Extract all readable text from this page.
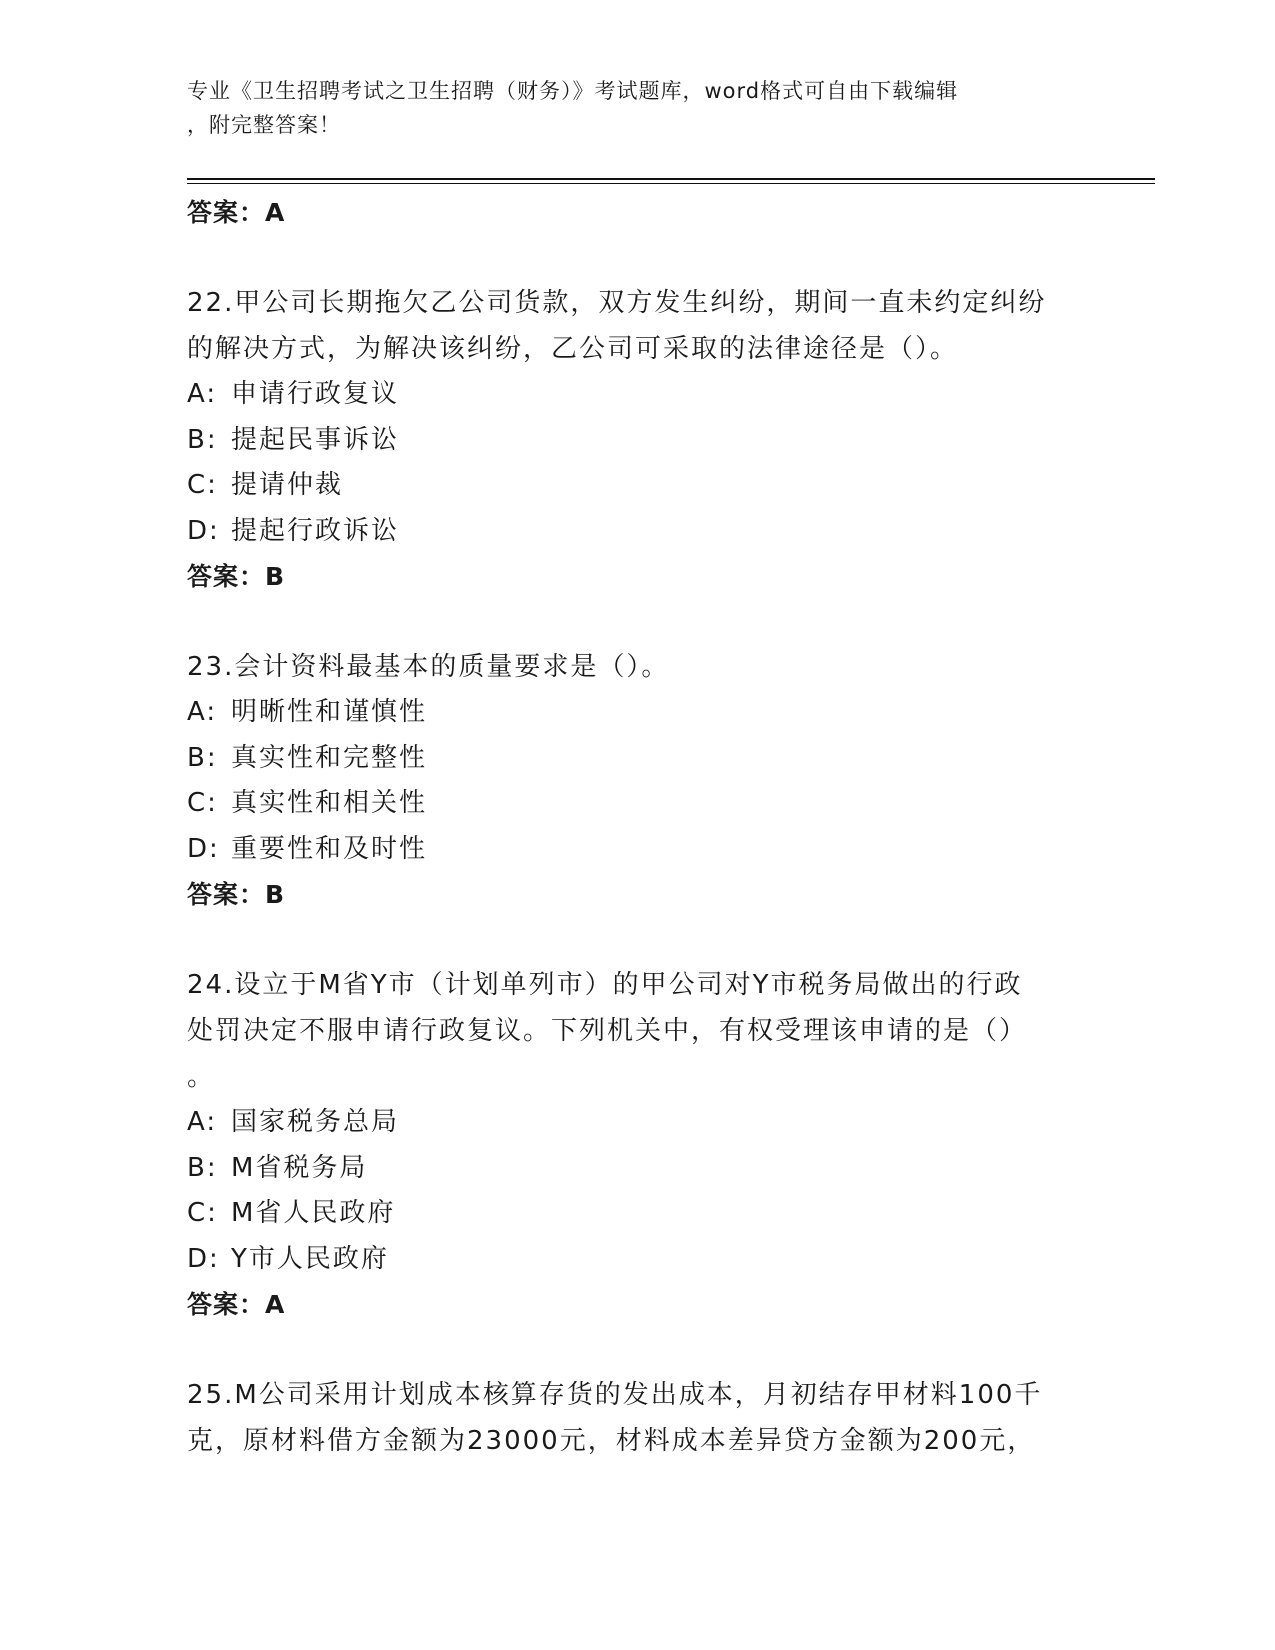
专业《卫生招聘考试之卫生招聘（财务）》考试题库，word格式可自由下载编辑
，附完整答案！
答案：A
22.甲公司长期拖欠乙公司货款，双方发生纠纷，期间一直未约定纠纷
的解决方式，为解决该纠纷，乙公司可采取的法律途径是（）。
A: 申请行政复议
B: 提起民事诉讼
C: 提请仲裁
D: 提起行政诉讼
答案：B
23.会计资料最基本的质量要求是（）。
A: 明晰性和谨慎性
B: 真实性和完整性
C: 真实性和相关性
D: 重要性和及时性
答案：B
24.设立于M省Y市（计划单列市）的甲公司对Y市税务局做出的行政
处罚决定不服申请行政复议。下列机关中，有权受理该申请的是（）
。
A: 国家税务总局
B: M省税务局
C: M省人民政府
D: Y市人民政府
答案：A
25.M公司采用计划成本核算存货的发出成本，月初结存甲材料100千
克，原材料借方金额为23000元，材料成本差异贷方金额为200元，
